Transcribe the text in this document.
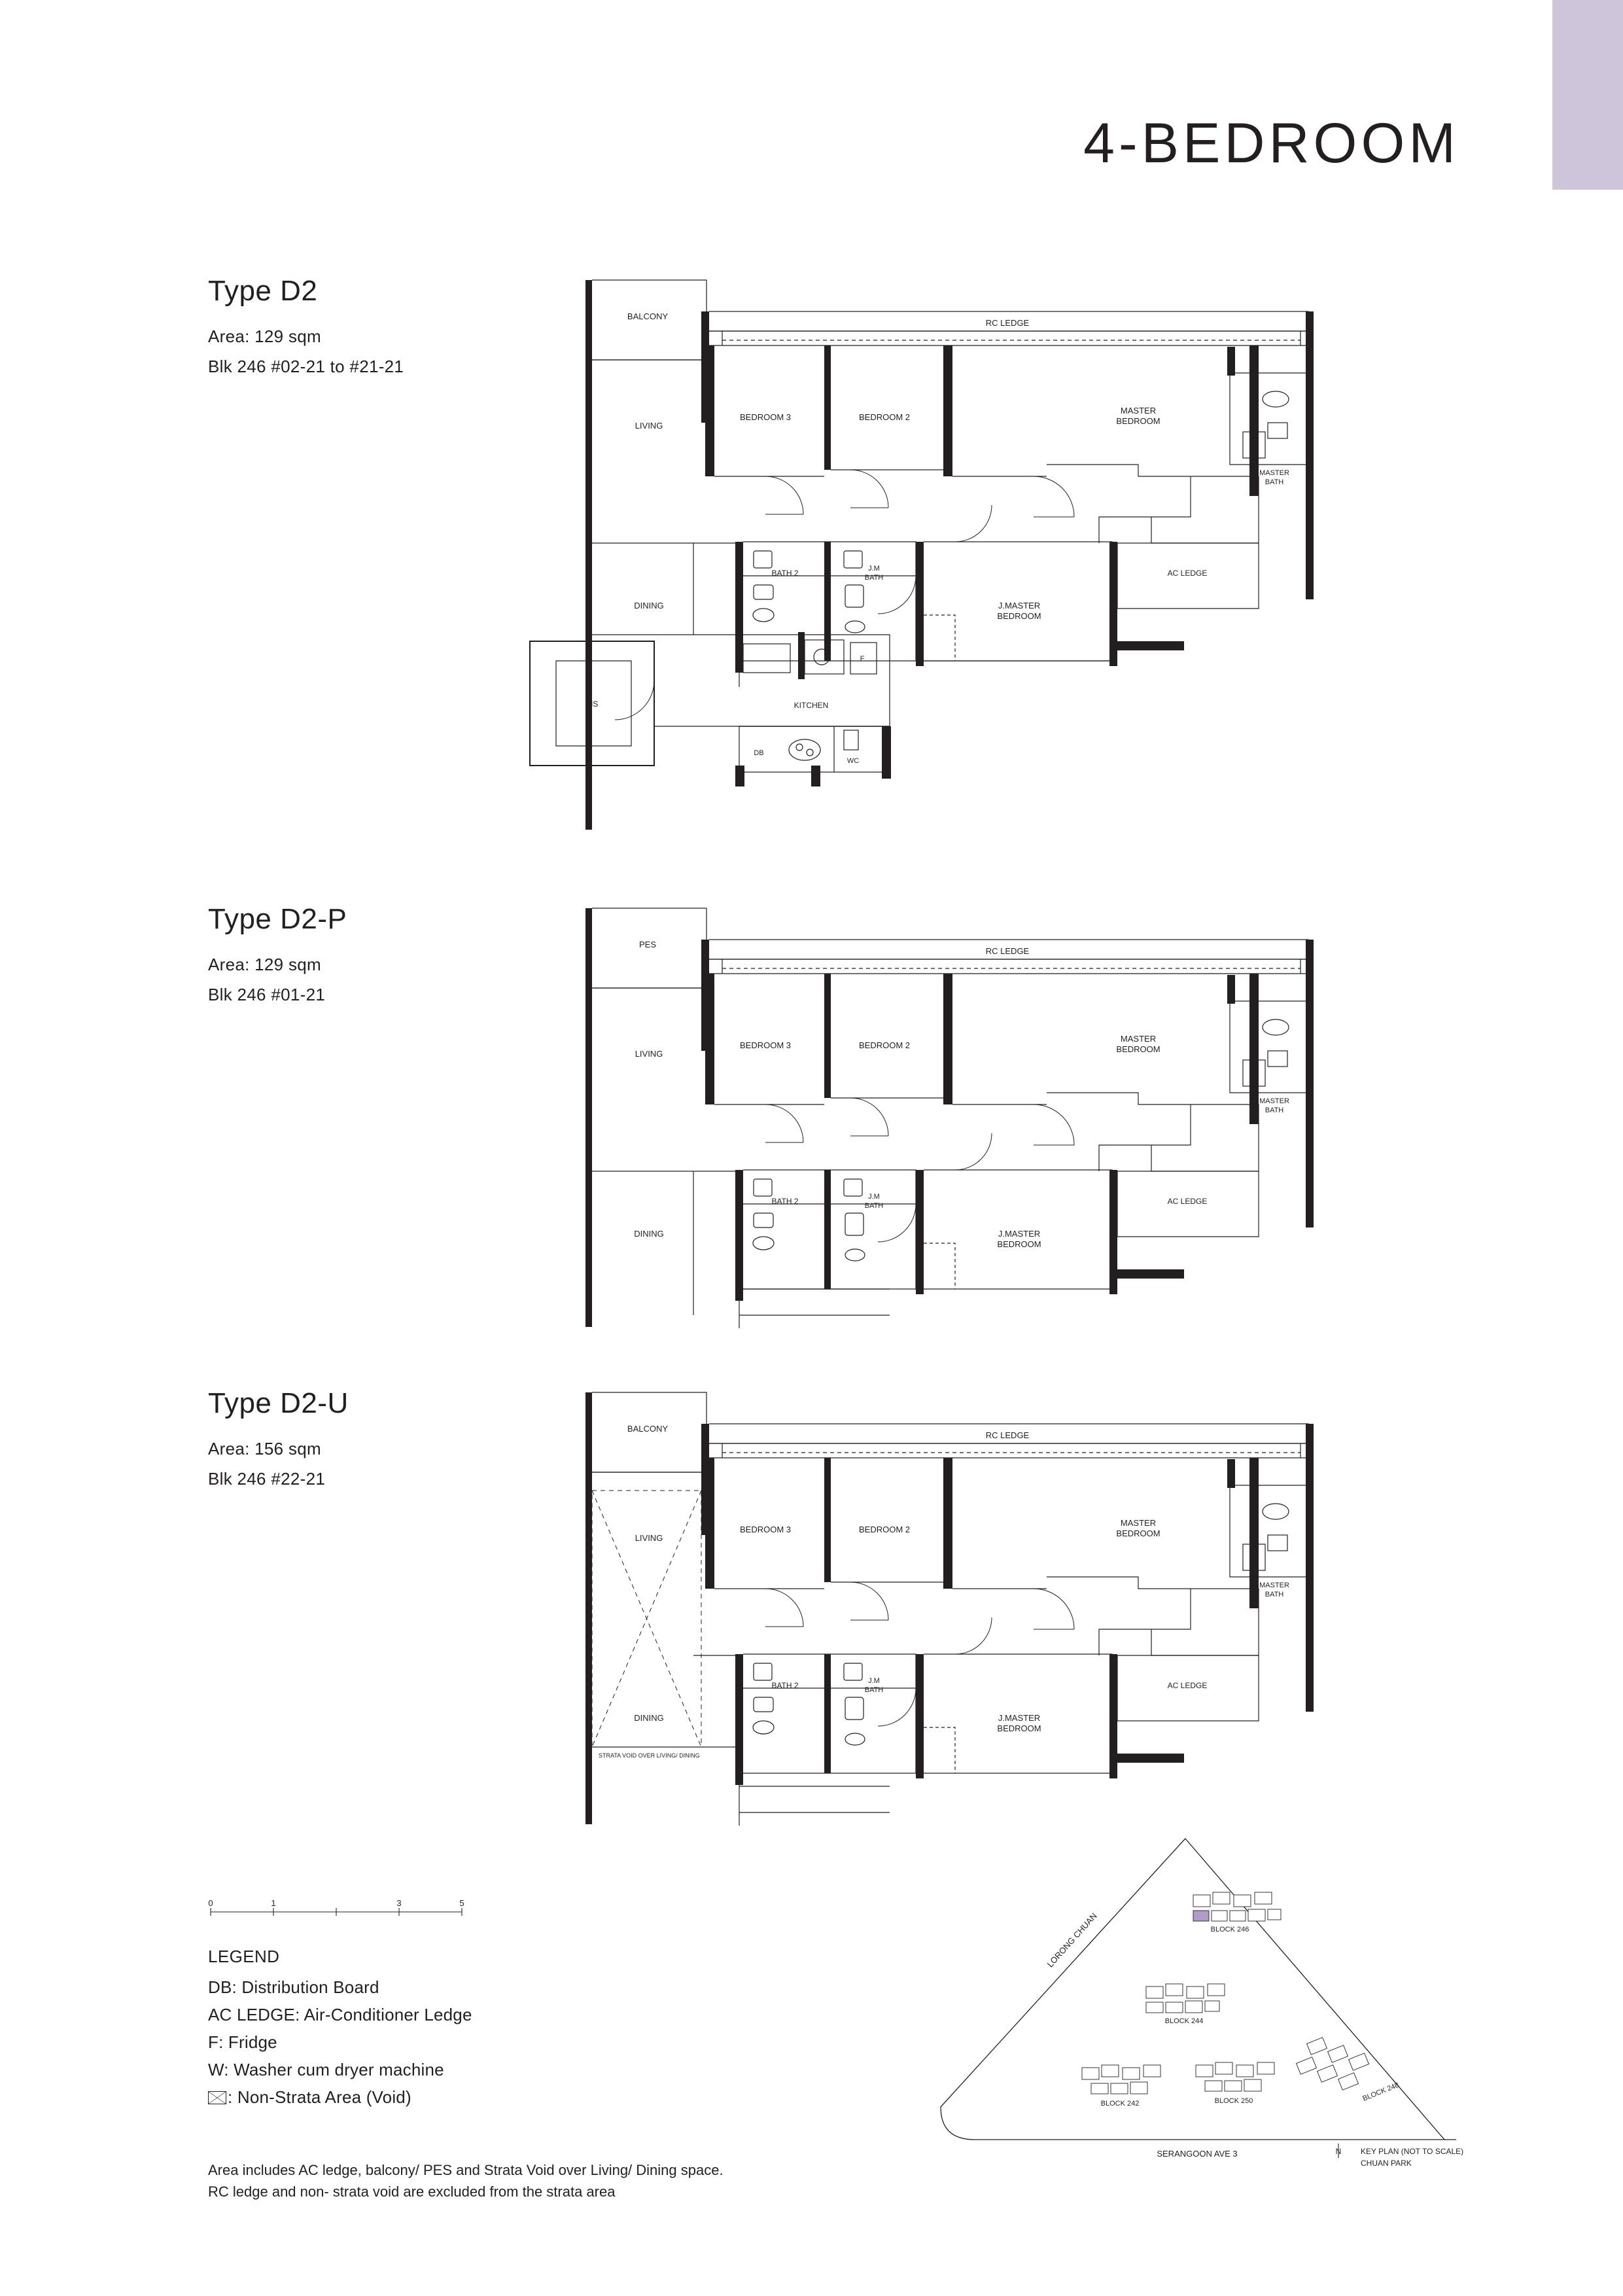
4-BEDROOM
Type D2
Area: 129 sqm
Blk 246 #02-21 to #21-21
BALCONY
RC LEDGE
LIVING
DINING
BEDROOM 3	BEDROOM 2
MASTER
BEDROOM
MASTER
BATH
J.MASTER
BEDROOM
BATH 2	J.M
BATH	AC LEDGE
KITCHEN
HS
DB
WC
F
Type D2-P
Area: 129 sqm
Blk 246 #01-21
PES
RC LEDGE
LIVING
DINING
BEDROOM 3	BEDROOM 2
MASTER
BEDROOM
MASTER
BATH
J.MASTER
BEDROOM
BATH 2	J.M
BATH	AC LEDGE
Type D2-U
Area: 156 sqm
Blk 246 #22-21
BALCONY
RC LEDGE
LIVING
DINING
BEDROOM 3	BEDROOM 2
MASTER
BEDROOM
MASTER
BATH
J.MASTER
BEDROOM
BATH 2	J.M
BATH	AC LEDGE
STRATA VOID OVER LIVING/ DINING
0	1	3	5
LEGEND
DB: Distribution Board
AC LEDGE: Air-Conditioner Ledge
F: Fridge
W: Washer cum dryer machine
: Non-Strata Area (Void)
Area includes AC ledge, balcony/ PES and Strata Void over Living/ Dining space.
RC ledge and non- strata void are excluded from the strata area
BLOCK 246
BLOCK 244
BLOCK 248
BLOCK 242	BLOCK 250
LORONG CHUAN
SERANGOON AVE 3	KEY PLAN (NOT TO SCALE)
CHUAN PARK
N
